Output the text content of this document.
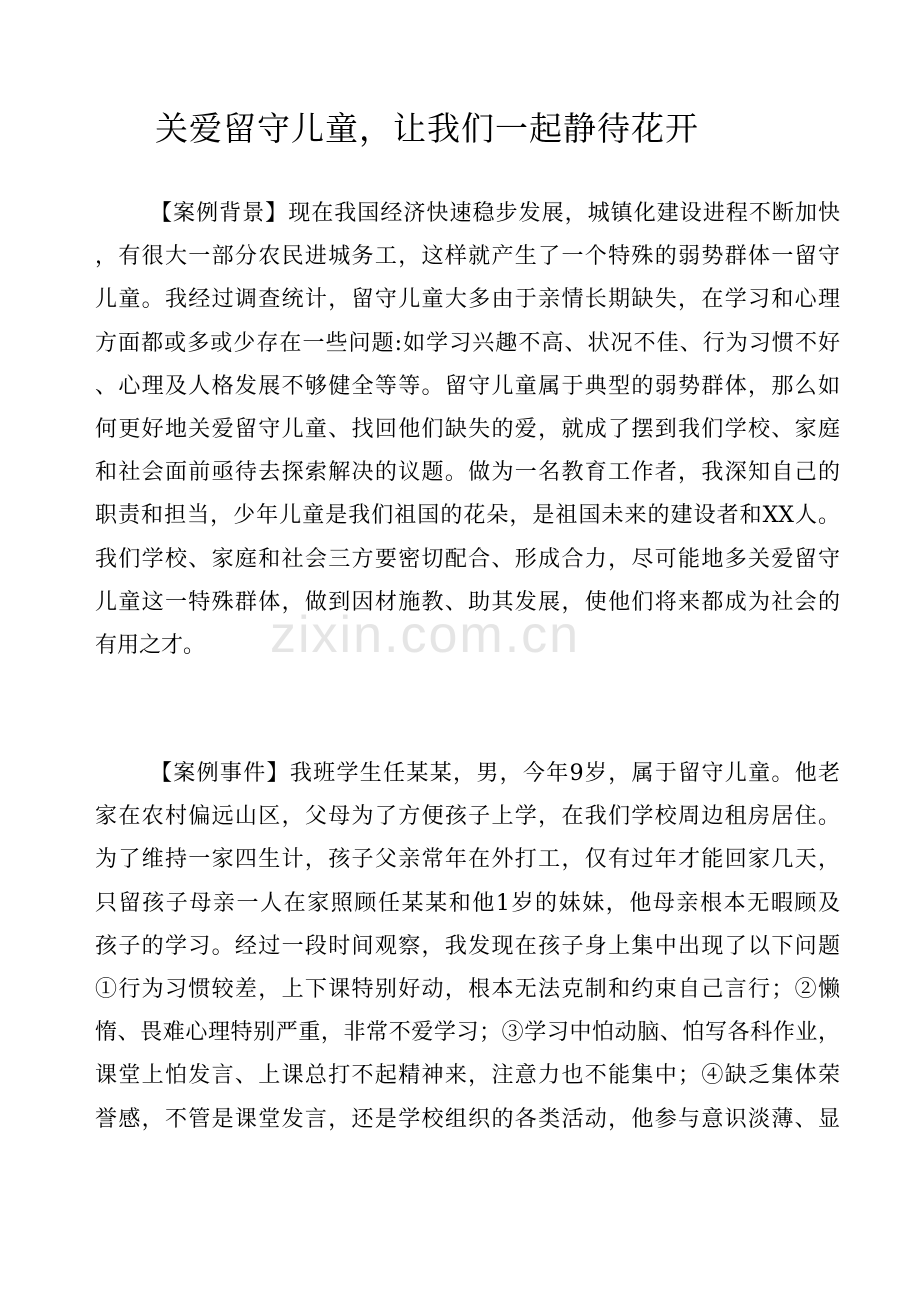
关爱留守儿童，让我们一起静待花开
【案例背景】现在我国经济快速稳步发展，城镇化建设进程不断加快
，有很大一部分农民进城务工，这样就产生了一个特殊的弱势群体一留守
儿童。我经过调查统计，留守儿童大多由于亲情长期缺失，在学习和心理
方面都或多或少存在一些问题:如学习兴趣不高、状况不佳、行为习惯不好
、心理及人格发展不够健全等等。留守儿童属于典型的弱势群体，那么如
何更好地关爱留守儿童、找回他们缺失的爱，就成了摆到我们学校、家庭
和社会面前亟待去探索解决的议题。做为一名教育工作者，我深知自己的
职责和担当，少年儿童是我们祖国的花朵，是祖国未来的建设者和XX人。
我们学校、家庭和社会三方要密切配合、形成合力，尽可能地多关爱留守
儿童这一特殊群体，做到因材施教、助其发展，使他们将来都成为社会的
有用之才。
【案例事件】我班学生任某某，男，今年9岁，属于留守儿童。他老
家在农村偏远山区，父母为了方便孩子上学，在我们学校周边租房居住。
为了维持一家四生计，孩子父亲常年在外打工，仅有过年才能回家几天，
只留孩子母亲一人在家照顾任某某和他1岁的妹妹，他母亲根本无暇顾及
孩子的学习。经过一段时间观察，我发现在孩子身上集中出现了以下问题
①行为习惯较差，上下课特别好动，根本无法克制和约束自己言行；②懒
惰、畏难心理特别严重，非常不爱学习；③学习中怕动脑、怕写各科作业，
课堂上怕发言、上课总打不起精神来，注意力也不能集中；④缺乏集体荣
誉感，不管是课堂发言，还是学校组织的各类活动，他参与意识淡薄、显
zixin.com.cn
